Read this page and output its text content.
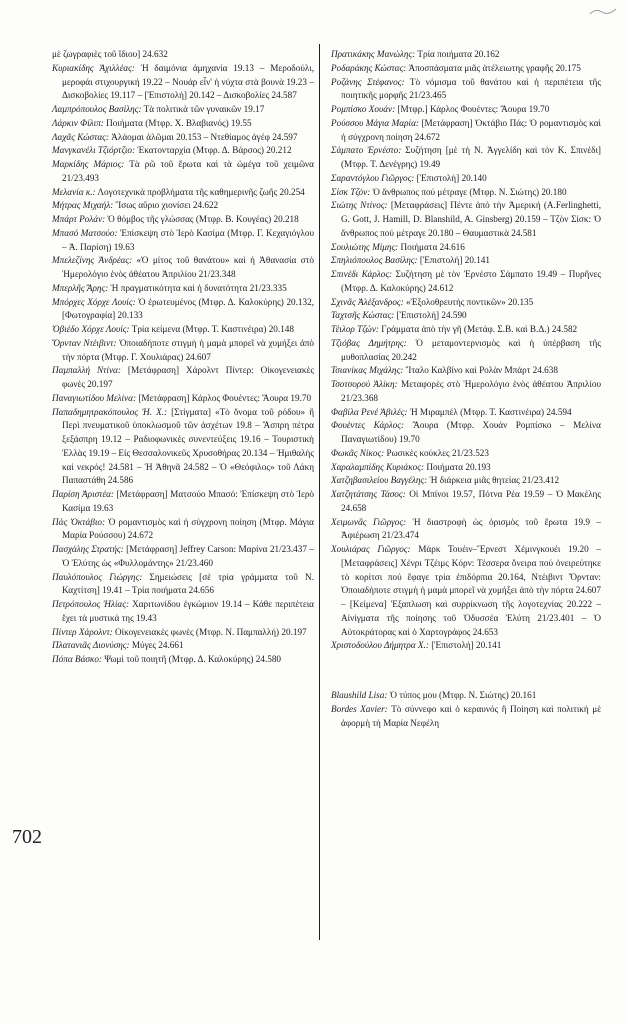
702

μὲ ζωγραφιὲς τοῦ ἴδιου] 24.632

Κυριακίδης Ἀχιλλέας: Ἡ δαιμόνια ἀμηχανία 19.13 – Μεροδούλι, μεροφάι στιχουργική 19.22 – Νουάρ εἶν' ἡ νύχτα στὰ βουνὰ 19.23 – Δισκοβολίες 19.117 – [Ἐπιστολή] 20.142 – Δισκοβολίες 24.587

Λαμπρόπουλος Βασίλης: Τὰ πολιτικὰ τῶν γυναικῶν 19.17

Λάρκιν Φίλιπ: Ποιήματα (Μτφρ. Χ. Βλαβιανός) 19.55

Λαχᾶς Κώστας: Ἀλάομαι ἀλῶμαι 20.153 – Ντεθίαμος ἀγέφ 24.597

Μανγκανέλι Τζιόρτζιο: Ἑκατονταρχία (Μτφρ. Δ. Βάρσος) 20.212

Μαρκίδης Μάριος: Τὰ ρῶ τοῦ ἔρωτα καὶ τὰ ὠμέγα τοῦ χειμῶνα 21/23.493

Μελανία κ.: Λογοτεχνικὰ προβλήματα τῆς καθημερινῆς ζωῆς 20.254

Μήτρας Μιχαήλ: Ἴσως αὔριο χιονίσει 24.622

Μπάρτ Ρολάν: Ὁ θόμβος τῆς γλώσσας (Μτφρ. Β. Κουγέας) 20.218

Μπασό Ματσούο: Ἐπίσκεψη στὸ Ἱερὸ Κασίμα (Μτφρ. Γ. Κεχαγιόγλου – Ἀ. Παρίση) 19.63

Μπελεζίνης Ἀνδρέας: «Ὁ μίτος τοῦ θανάτου» καὶ ἡ Ἀθανασία στὸ Ἡμερολόγιο ἑνὸς ἀθέατου Ἀπριλίου 21/23.348

Μπερλῆς Ἄρης: Ἡ πραγματικότητα καὶ ἡ δυνατότητα 21/23.335

Μπόρχες Χόρχε Λουίς: Ὁ ἐρωτευμένος (Μτφρ. Δ. Καλοκύρης) 20.132, [Φωτογραφία] 20.133

Ὀβιέδο Χόρχε Λουίς: Τρία κείμενα (Μτφρ. Τ. Καστινέιρα) 20.148

Ὄρνταν Ντέιβιντ: Ὁποιαδήποτε στιγμὴ ἡ μαμὰ μπορεῖ νὰ χυμήξει ἀπὸ τὴν πόρτα (Μτφρ. Γ. Χουλιάρας) 24.607

Παμπαλλὴ Ντίνα: [Μετάφραση] Χάρολντ Πίντερ: Οἰκογενειακὲς φωνὲς 20.197

Παναγιωτίδου Μελίνα: [Μετάφραση] Κάρλος Φουέντες: Ἄουρα 19.70

Παπαδημητρακόπουλος Ἠ. Χ.: [Στίγματα] «Τὸ ὄνομα τοῦ ρόδου» ἢ Περὶ πνευματικοῦ ὑποκλωσμοῦ τῶν ἀσχέτων 19.8 – Ἄσπρη πέτρα ξεξάσπρη 19.12 – Ραδιοφωνικὲς συνεντεύξεις 19.16 – Τουριστικὴ Ἑλλὰς 19.19 – Εἰς Θεσσαλονικεῦς Χρυσοθήρας 20.134 – Ἡμιθαλὴς καὶ νεκρός! 24.581 – Ἡ Ἀθηνᾶ 24.582 – Ὁ «Θεόφιλος» τοῦ Λάκη Παπαστάθη 24.586

Παρίση Ἀριστέα: [Μετάφραση] Ματσούο Μπασό: Ἐπίσκεψη στὸ Ἱερὸ Κασίμα 19.63

Πάς Ὀκτάβιο: Ὁ ρομαντισμὸς καὶ ἡ σύγχρονη ποίηση (Μτφρ. Μάγια Μαρία Ρούσσου) 24.672

Πασχάλης Στρατής: [Μετάφραση] Jeffrey Carson: Μαρίνα 21/23.437 – Ὁ Ἐλύτης ὡς «Φυλλομάντης» 21/23.460

Παυλόπουλος Γιώργης: Σημειώσεις [σὲ τρία γράμματα τοῦ Ν. Καχτίτση] 19.41 – Τρία ποιήματα 24.656

Πετρόπουλος Ἠλίας: Χαριτωνίδου ἐγκώμιον 19.14 – Κάθε περιπέτεια ἔχει τὰ μυστικά της 19.43

Πίντερ Χάρολντ: Οἰκογενειακὲς φωνὲς (Μτφρ. Ν. Παμπαλλή) 20.197

Πλατανιᾶς Διονύσης: Μύγες 24.661

Πόπα Βάσκο: Ψωμὶ τοῦ ποιητῆ (Μτφρ. Δ. Καλοκύρης) 24.580

Πρατικάκης Μανώλης: Τρία ποιήματα 20.162

Ροδαράκης Κώστας: Ἀποσπάσματα μιᾶς ἀτέλειωτης γραφῆς 20.175

Ροζάνης Στέφανος: Τὸ νόμισμα τοῦ θανάτου καὶ ἡ περιπέτεια τῆς ποιητικῆς μορφῆς 21/23.465

Ρομπίσκο Χουάν: [Μτφρ.] Κάρλος Φουέντες: Ἄουρα 19.70

Ρούσσου Μάγια Μαρία: [Μετάφραση] Ὀκτάβιο Πάς: Ὁ ρομαντισμὸς καὶ ἡ σύγχρονη ποίηση 24.672

Σάμπατο Ἐρνέστο: Συζήτηση [μὲ τὴ Ν. Ἀγγελίδη καὶ τὸν Κ. Σπινέδι] (Μτφρ. Τ. Δενέγρης) 19.49

Σαραντόγλου Γιῶργος: [Ἐπιστολή] 20.140

Σίσκ Τζόν: Ὁ ἄνθρωπος πού μέτραγε (Μτφρ. Ν. Σιώτης) 20.180

Σιώτης Ντίνος: [Μεταφράσεις] Πέντε ἀπὸ τὴν Ἀμερική (A.Ferlinghetti, G. Gott, J. Hamill, D. Blanshild, A. Ginsberg) 20.159 – Τζὸν Σίσκ: Ὁ ἄνθρωπος πού μέτραγε 20.180 – Θαυμαστικὰ 24.581

Σουλιώτης Μίμης: Ποιήματα 24.616

Σπηλιόπουλος Βασίλης: [Ἐπιστολή] 20.141

Σπινέδι Κάρλος: Συζήτηση μὲ τὸν Ἐρνέστο Σάμπατο 19.49 – Πυρῆνες (Μτφρ. Δ. Καλοκύρης) 24.612

Σχινᾶς Ἀλέξανδρος: «Ἐξολοθρευτὴς ποντικῶν» 20.135

Ταχτσῆς Κώστας: [Ἐπιστολή] 24.590

Τέιλορ Τζών: Γράμματα ἀπὸ τὴν γῆ (Μετάφ. Σ.Β. καὶ Β.Δ.) 24.582

Τζιόβας Δημήτρης: Ὁ μεταμοντερνισμὸς καὶ ἡ ὑπέρβαση τῆς μυθοπλασίας 20.242

Τσιανίκας Μιχάλης: Ἴταλο Καλβίνο καὶ Ρολὰν Μπάρτ 24.638

Τσοτσορού Ἀλίκη: Μεταφορὲς στὸ Ἡμερολόγιο ἑνὸς ἀθέατου Ἀπριλίου 21/23.368

Φαβίλα Ρενέ Ἀβιλές: Ἡ Μιραμπέλ (Μτφρ. Τ. Καστινέιρα) 24.594

Φουέντες Κάρλος: Ἄουρα (Μτφρ. Χουάν Ρομπίσκο – Μελίνα Παναγιωτίδου) 19.70

Φωκᾶς Νίκος: Ρωσικὲς κούκλες 21/23.523

Χαραλαμπίδης Κυριάκος: Ποιήματα 20.193

Χατζηβασιλείου Βαγγέλης: Ἡ διάρκεια μιᾶς θητείας 21/23.412

Χατζητάτσης Τάσος: Οἱ Μπίνοι 19.57, Πότνα Ρέα 19.59 – Ὁ Μακέλης 24.658

Χειμωνᾶς Γιῶργος: Ἡ διαστροφὴ ὡς ὁρισμὸς τοῦ ἔρωτα 19.9 – Ἀφιέρωση 21/23.474

Χουλιάρας Γιῶργος: Μάρκ Τουέιν–Ἔρνεστ Χέμινγκουέι 19.20 – [Μεταφράσεις] Χένρι Τζέιμς Κόρν: Τέσσερα ὄνειρα πού ὀνειρεύτηκε τὸ κορίτσι πού ἔφαγε τρία ἐπιδόρπια 20.164, Ντέιβιντ Ὄρνταν: Ὁποιαδήποτε στιγμὴ ἡ μαμὰ μπορεῖ νὰ χυμήξει ἀπὸ τὴν πόρτα 24.607 – [Κείμενα] Ἐξαπλωση καὶ συρρίκνωση τῆς λογοτεχνίας 20.222 – Αἰνίγματα τῆς ποίησης τοῦ Ὀδυσσέα Ἐλύτη 21/23.401 – Ὁ Αὐτοκράτορας καὶ ὁ Χαρτογράφος 24.653

Χριστοδούλου Δήμητρα Χ.: [Ἐπιστολή] 20.141

Blaushild Lisa: Ὁ τύπος μου (Μτφρ. Ν. Σιώτης) 20.161

Bordes Xavier: Τὸ σύννεφο καὶ ὁ κεραυνός ἢ Ποίηση καὶ πολιτικὴ μὲ ἀφορμὴ τὴ Μαρία Νεφέλη
